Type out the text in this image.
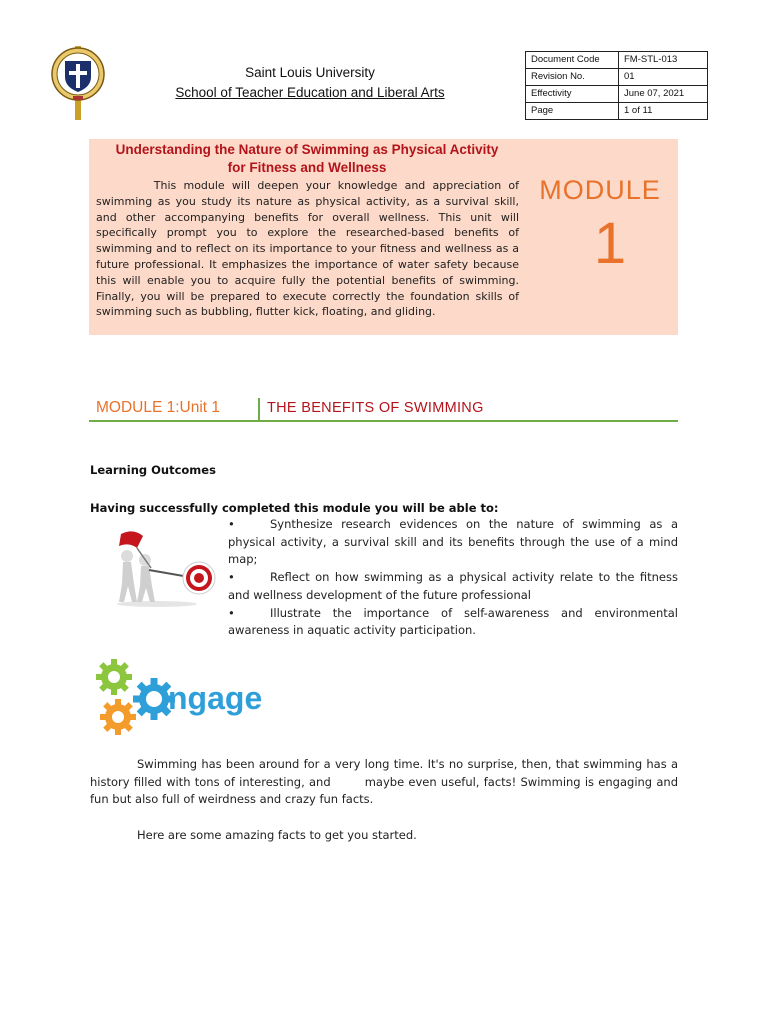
Saint Louis University
School of Teacher Education and Liberal Arts
Document Code	FM-STL-013
Revision No.	01
Effectivity	June 07, 2021
Page	1 of 11
Understanding the Nature of Swimming as Physical Activity for Fitness and Wellness
This module will deepen your knowledge and appreciation of swimming as you study its nature as physical activity, as a survival skill, and other accompanying benefits for overall wellness. This unit will specifically prompt you to explore the researched-based benefits of swimming and to reflect on its importance to your fitness and wellness as a future professional. It emphasizes the importance of water safety because this will enable you to acquire fully the potential benefits of swimming. Finally, you will be prepared to execute correctly the foundation skills of swimming such as bubbling, flutter kick, floating, and gliding.
MODULE
1
MODULE 1:Unit 1	THE BENEFITS OF SWIMMING
Learning Outcomes
Having successfully completed this module you will be able to:
•	Synthesize research evidences on the nature of swimming as a physical activity, a survival skill and its benefits through the use of a mind map;
•	Reflect on how swimming as a physical activity relate to the fitness and wellness development of the future professional
•	Illustrate the importance of self-awareness and environmental awareness in aquatic activity participation.
ngage
Swimming has been around for a very long time. It's no surprise, then, that swimming has a history filled with tons of interesting, and        maybe even useful, facts! Swimming is engaging and fun but also full of weirdness and crazy fun facts.
Here are some amazing facts to get you started.
